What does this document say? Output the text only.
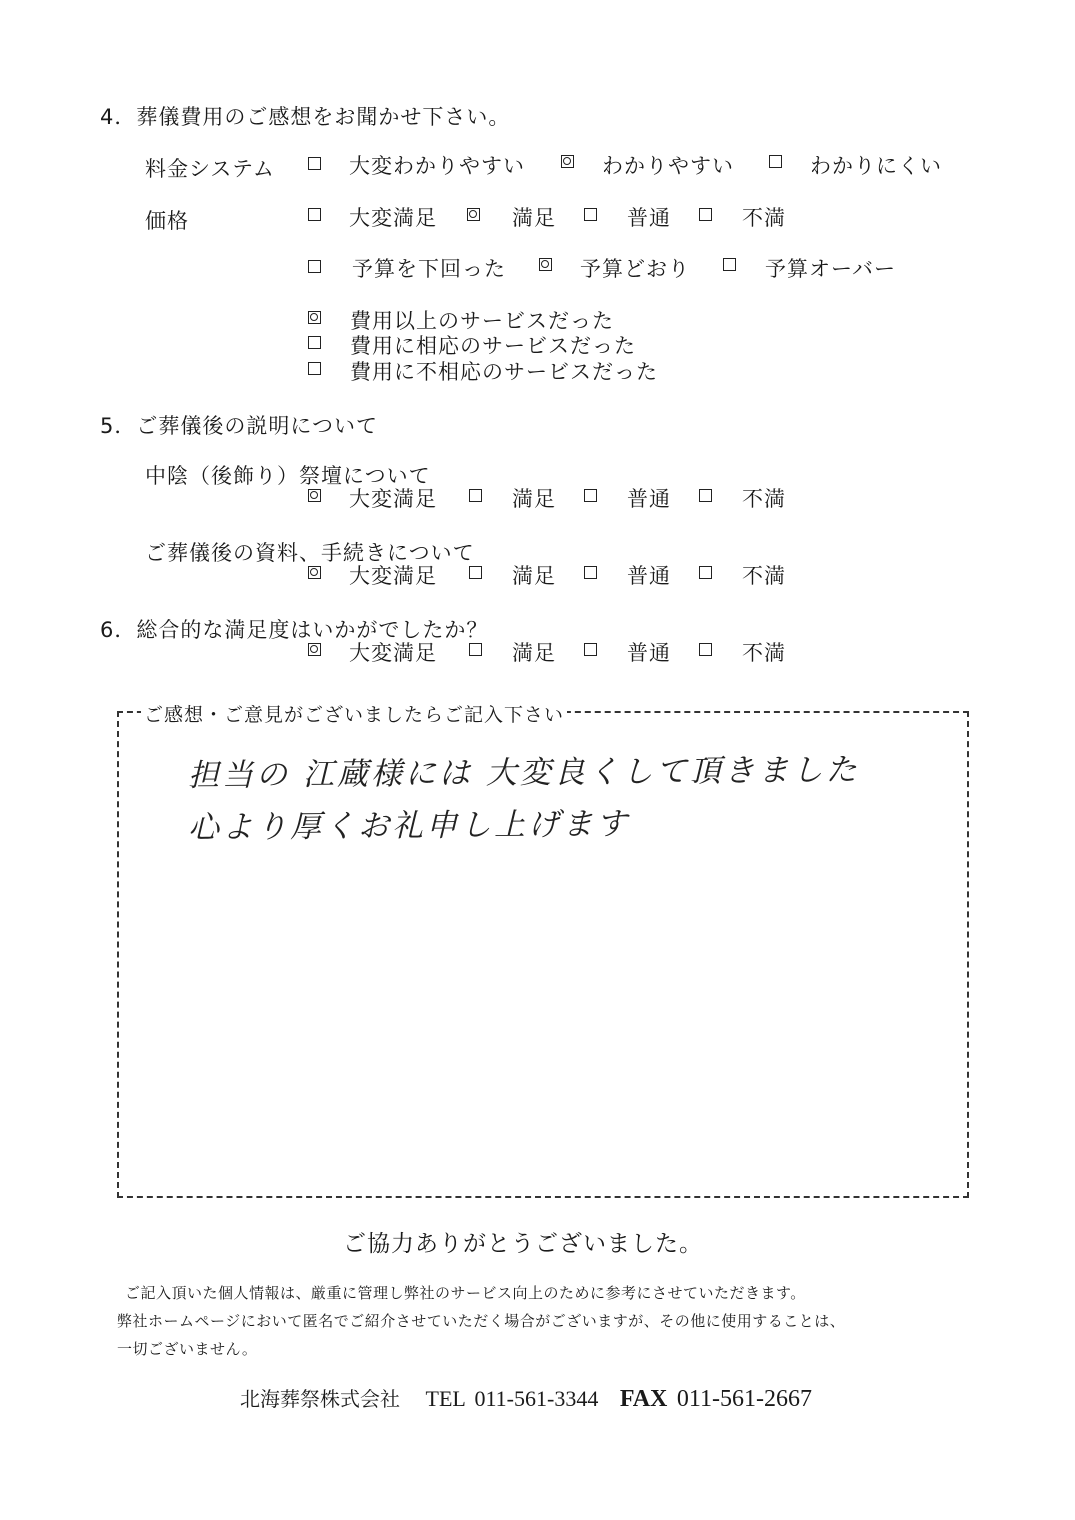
4．葬儀費用のご感想をお聞かせ下さい。
料金システム	大変わかりやすい	わかりやすい	わかりにくい
価格	大変満足	満足	普通	不満
予算を下回った	予算どおり	予算オーバー
費用以上のサービスだった
費用に相応のサービスだった
費用に不相応のサービスだった
5．ご葬儀後の説明について
中陰（後飾り）祭壇について
大変満足	満足	普通	不満
ご葬儀後の資料、手続きについて
大変満足	満足	普通	不満
6．総合的な満足度はいかがでしたか？
大変満足	満足	普通	不満
ご感想・ご意見がございましたらご記入下さい
担当の 江蔵様には 大変良くして頂きました
心より厚くお礼申し上げます
ご協力ありがとうございました。
ご記入頂いた個人情報は、厳重に管理し弊社のサービス向上のために参考にさせていただきます。
弊社ホームページにおいて匿名でご紹介させていただく場合がございますが、その他に使用することは、
一切ございません。
北海葬祭株式会社 TEL 011-561-3344 FAX 011-561-2667
